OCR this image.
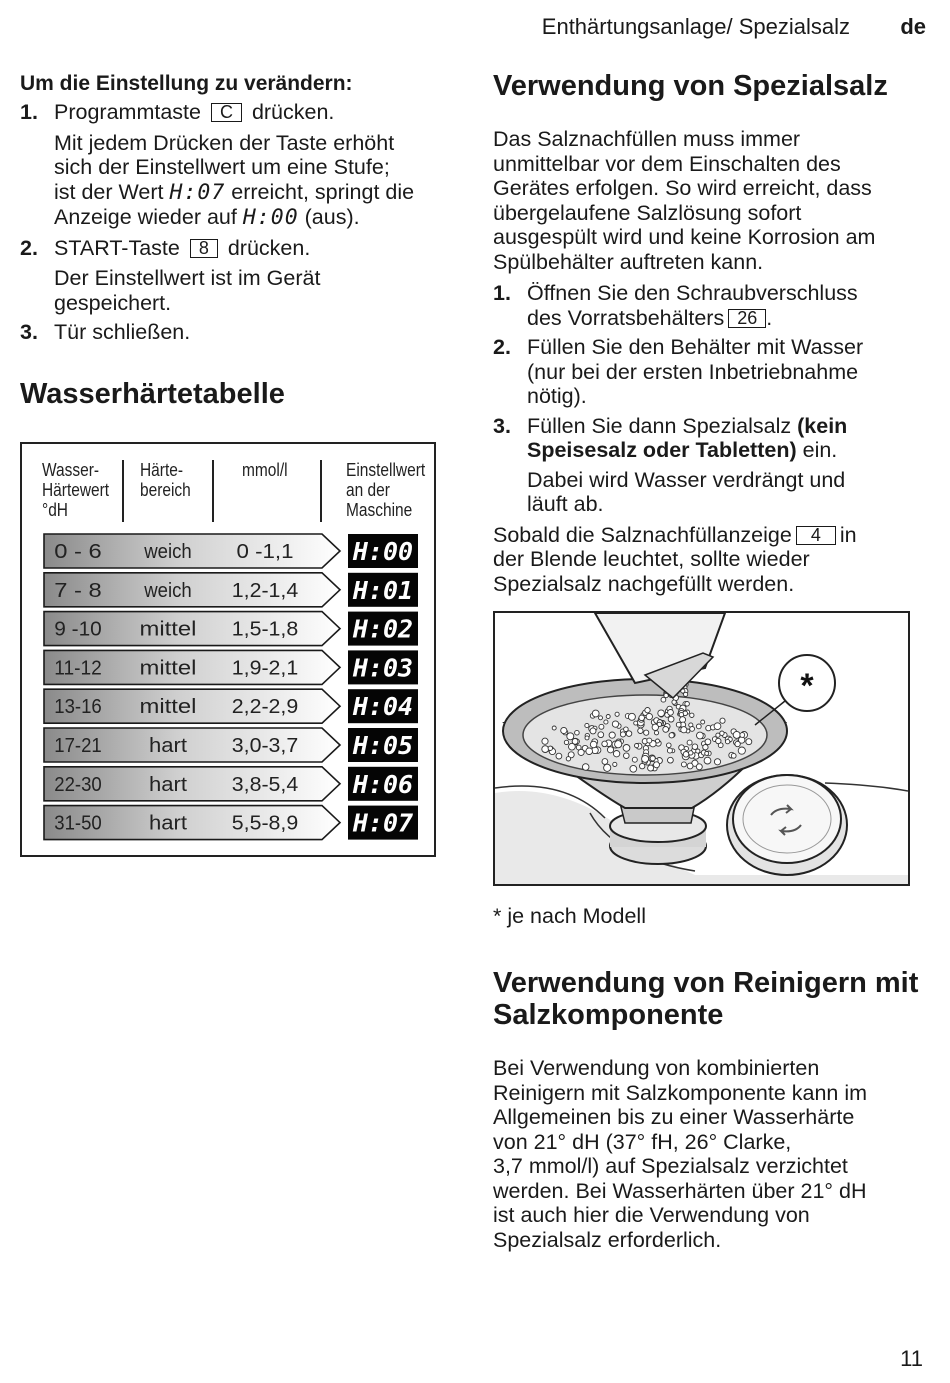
Enthärtungsanlage/ Spezialsalz de
Um die Einstellung zu verändern:
1. Programmtaste C drücken.
Mit jedem Drücken der Taste erhöht
sich der Einstellwert um eine Stufe;
ist der Wert H:07 erreicht, springt die
Anzeige wieder auf H:00 (aus).
2. START-Taste 8 drücken.
Der Einstellwert ist im Gerät
gespeichert.
3. Tür schließen.
Wasserhärtetabelle
Wasser-
Härtewert
°dH
Härte-
bereich
mmol/l	Einstellwert
an der
Maschine
0 - 6 weich 0 -1,1 H:00
7 - 8 weich 1,2-1,4 H:01
9 -10 mittel 1,5-1,8 H:02
11-12 mittel 1,9-2,1 H:03
13-16 mittel 2,2-2,9 H:04
17-21 hart 3,0-3,7 H:05
22-30 hart 3,8-5,4 H:06
31-50 hart 5,5-8,9 H:07
Verwendung von Spezialsalz
Das Salznachfüllen muss immer
unmittelbar vor dem Einschalten des
Gerätes erfolgen. So wird erreicht, dass
übergelaufene Salzlösung sofort
ausgespült wird und keine Korrosion am
Spülbehälter auftreten kann.
1. Öffnen Sie den Schraubverschluss
des Vorratsbehälters 26 .
2. Füllen Sie den Behälter mit Wasser
(nur bei der ersten Inbetriebnahme
nötig).
3. Füllen Sie dann Spezialsalz (kein
Speisesalz oder Tabletten) ein.
Dabei wird Wasser verdrängt und
läuft ab.
Sobald die Salznachfüllanzeige 4 in
der Blende leuchtet, sollte wieder
Spezialsalz nachgefüllt werden.
*
* je nach Modell
Verwendung von Reinigern mit
Salzkomponente
Bei Verwendung von kombinierten
Reinigern mit Salzkomponente kann im
Allgemeinen bis zu einer Wasserhärte
von 21° dH (37° fH, 26° Clarke,
3,7 mmol/l) auf Spezialsalz verzichtet
werden. Bei Wasserhärten über 21° dH
ist auch hier die Verwendung von
Spezialsalz erforderlich.
11
